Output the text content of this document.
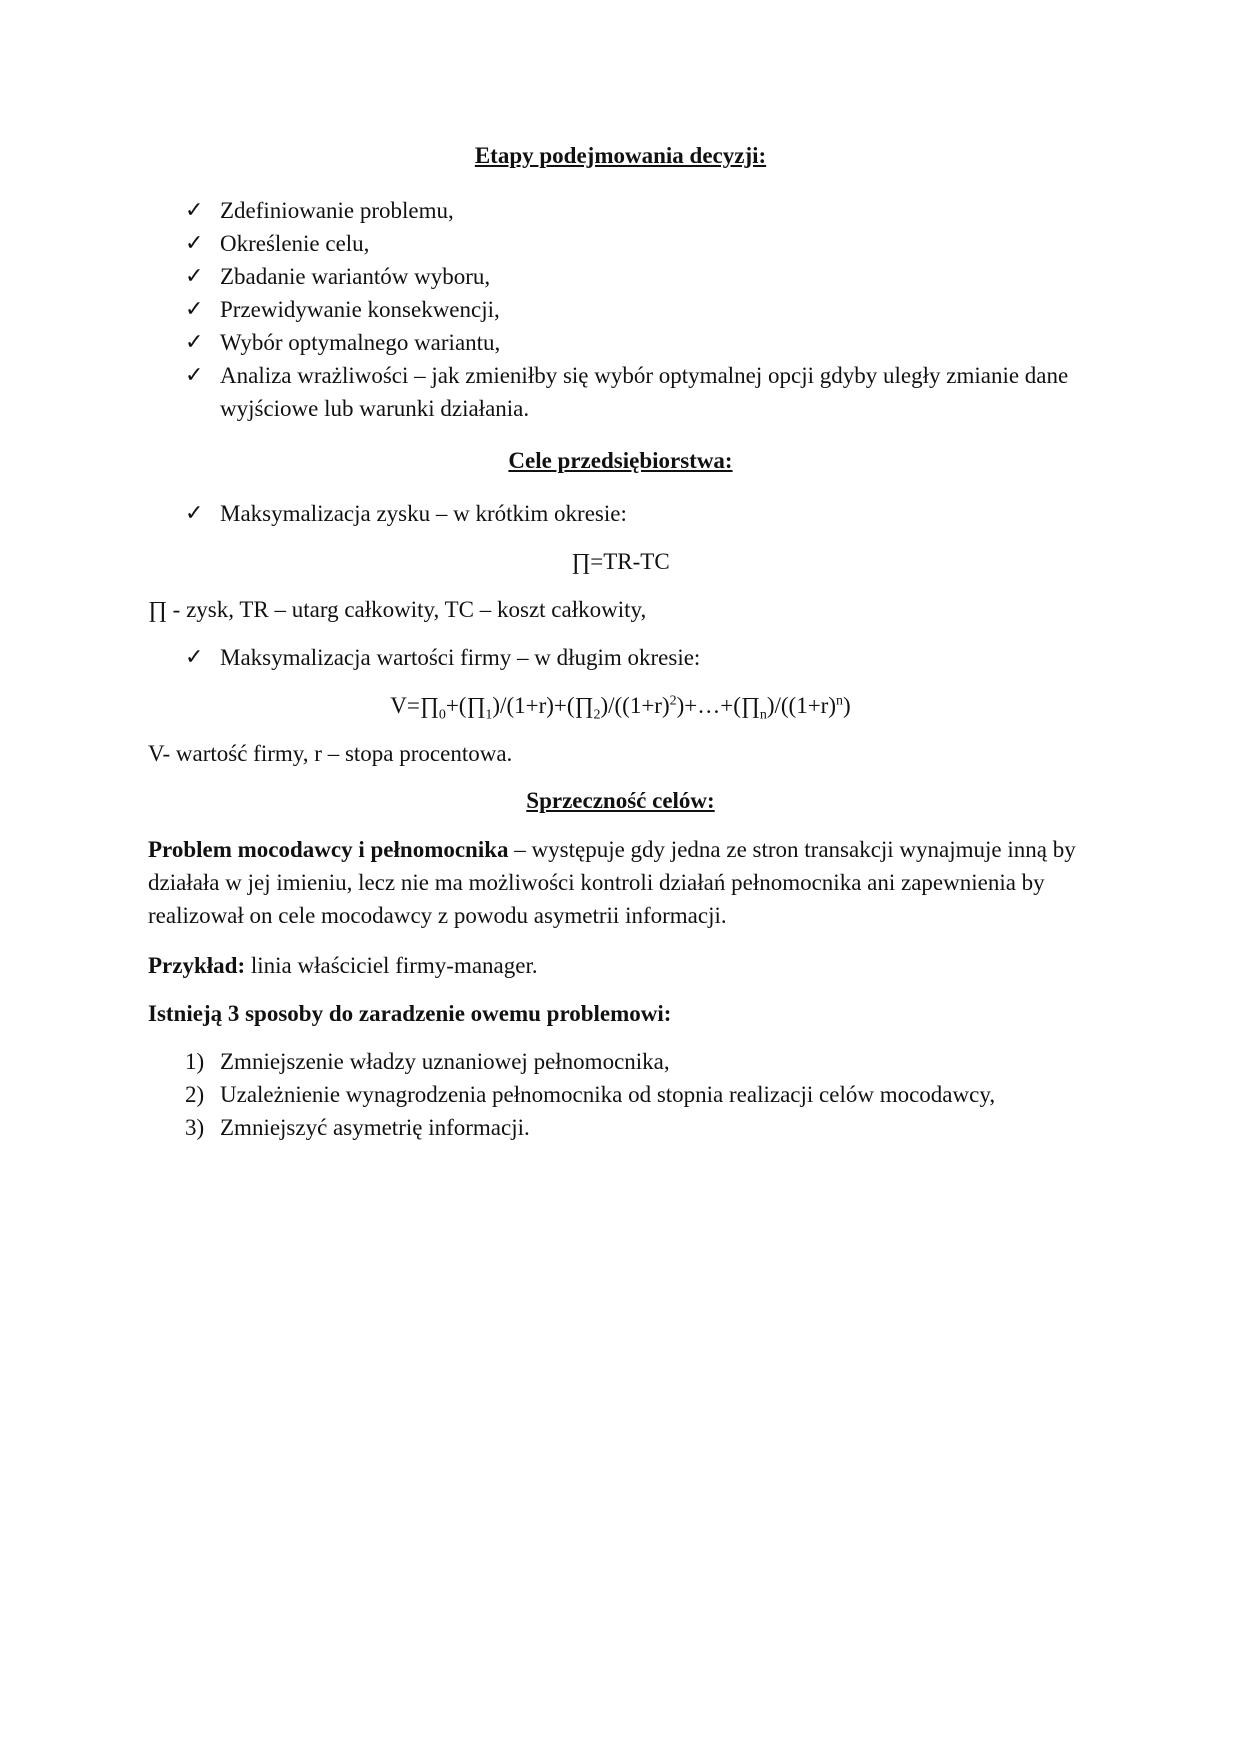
Etapy podejmowania decyzji:

✓ Zdefiniowanie problemu,
✓ Określenie celu,
✓ Zbadanie wariantów wyboru,
✓ Przewidywanie konsekwencji,
✓ Wybór optymalnego wariantu,
✓ Analiza wrażliwości – jak zmieniłby się wybór optymalnej opcji gdyby uległy zmianie dane wyjściowe lub warunki działania.

Cele przedsiębiorstwa:

✓ Maksymalizacja zysku – w krótkim okresie:

∏=TR-TC

∏ - zysk, TR – utarg całkowity, TC – koszt całkowity,

✓ Maksymalizacja wartości firmy – w długim okresie:

$V=\prod_0+(\prod_1)/(1+r)+(\prod_2)/((1+r)^2)+\dots+(\prod_n)/((1+r)^n)$

V- wartość firmy, r – stopa procentowa.

Sprzeczność celów:

Problem mocodawcy i pełnomocnika – występuje gdy jedna ze stron transakcji wynajmuje inną by działała w jej imieniu, lecz nie ma możliwości kontroli działań pełnomocnika ani zapewnienia by realizował on cele mocodawcy z powodu asymetrii informacji.

Przykład: linia właściciel firmy-manager.

Istnieją 3 sposoby do zaradzenie owemu problemowi:

1) Zmniejszenie władzy uznaniowej pełnomocnika,
2) Uzależnienie wynagrodzenia pełnomocnika od stopnia realizacji celów mocodawcy,
3) Zmniejszyć asymetrię informacji.
